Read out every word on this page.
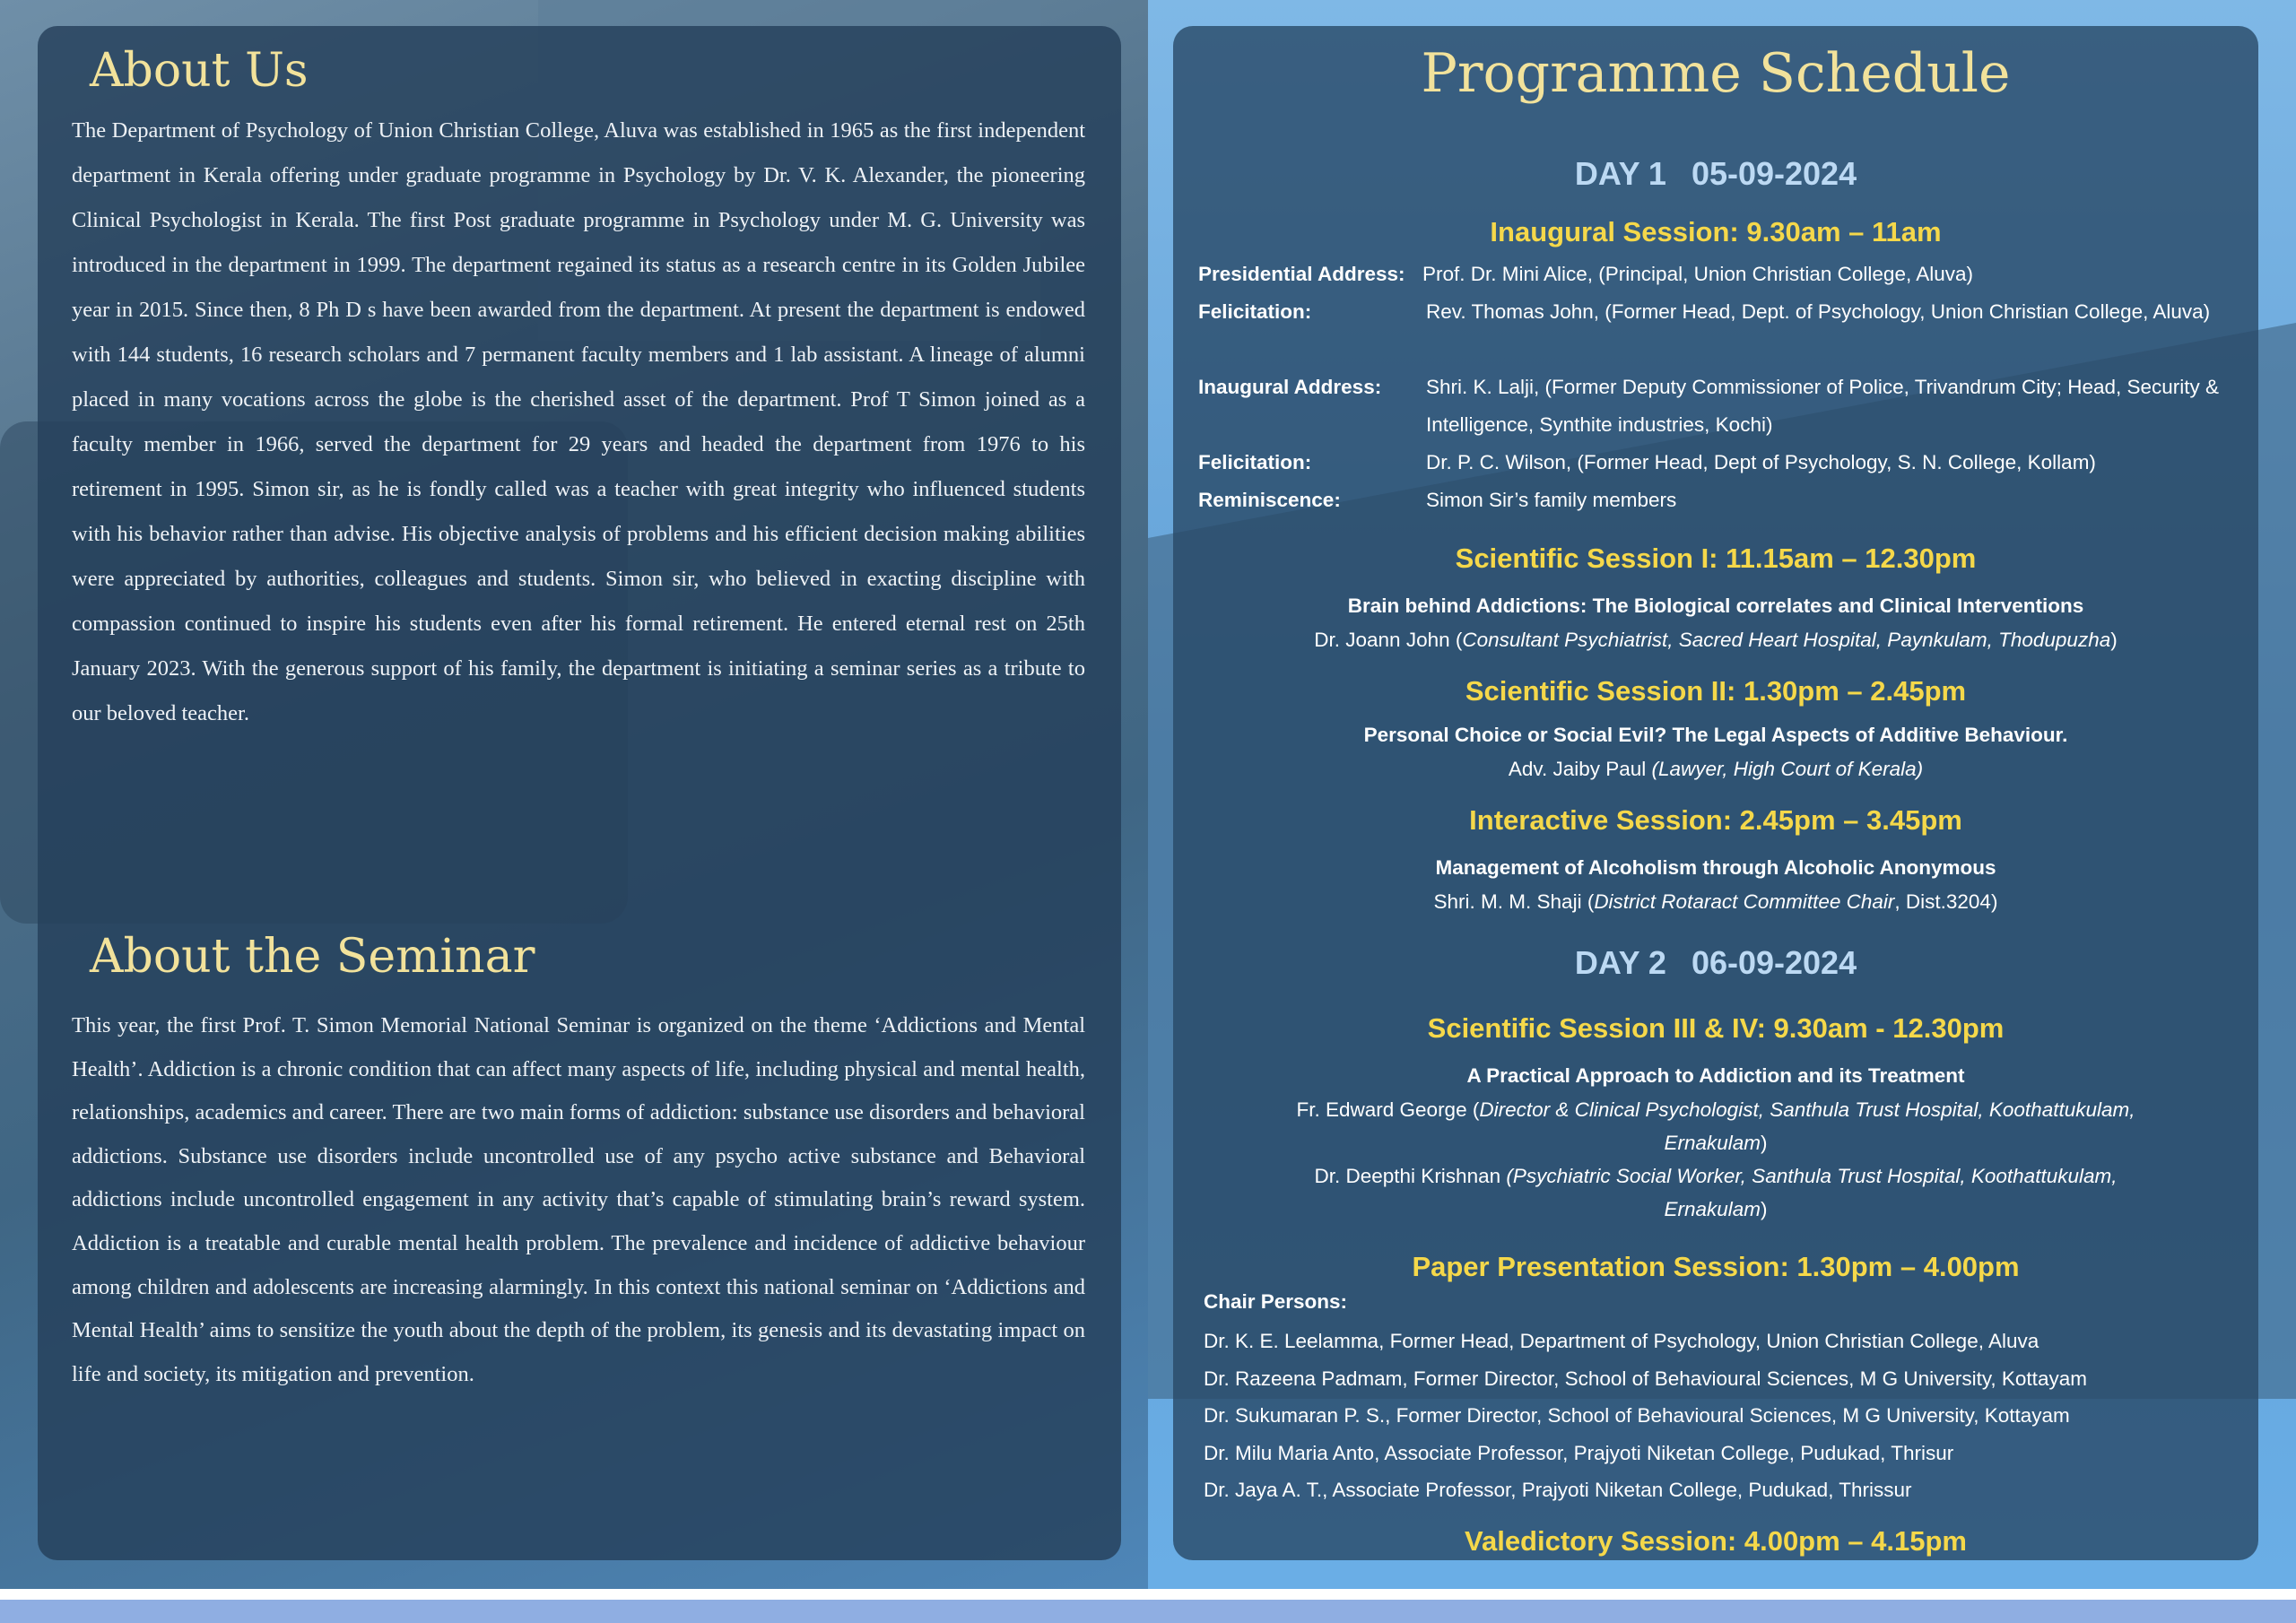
About Us

The Department of Psychology of Union Christian College, Aluva was established in 1965 as the first independent department in Kerala offering under graduate programme in Psychology by Dr. V. K. Alexander, the pioneering Clinical Psychologist in Kerala. The first Post graduate programme in Psychology under M. G. University was introduced in the department in 1999. The department regained its status as a research centre in its Golden Jubilee year in 2015. Since then, 8 Ph D s have been awarded from the department. At present the department is endowed with 144 students, 16 research scholars and 7 permanent faculty members and 1 lab assistant. A lineage of alumni placed in many vocations across the globe is the cherished asset of the department. Prof T Simon joined as a faculty member in 1966, served the department for 29 years and headed the department from 1976 to his retirement in 1995. Simon sir, as he is fondly called was a teacher with great integrity who influenced students with his behavior rather than advise. His objective analysis of problems and his efficient decision making abilities were appreciated by authorities, colleagues and students. Simon sir, who believed in exacting discipline with compassion continued to inspire his students even after his formal retirement. He entered eternal rest on 25th January 2023. With the generous support of his family, the department is initiating a seminar series as a tribute to our beloved teacher.

About the Seminar

This year, the first Prof. T. Simon Memorial National Seminar is organized on the theme ‘Addictions and Mental Health’. Addiction is a chronic condition that can affect many aspects of life, including physical and mental health, relationships, academics and career. There are two main forms of addiction: substance use disorders and behavioral addictions. Substance use disorders include uncontrolled use of any psycho active substance and Behavioral addictions include uncontrolled engagement in any activity that’s capable of stimulating brain’s reward system. Addiction is a treatable and curable mental health problem. The prevalence and incidence of addictive behaviour among children and adolescents are increasing alarmingly. In this context this national seminar on ‘Addictions and Mental Health’ aims to sensitize the youth about the depth of the problem, its genesis and its devastating impact on life and society, its mitigation and prevention.

Programme Schedule
DAY 1 05-09-2024
Inaugural Session: 9.30am – 11am
Presidential Address: Prof. Dr. Mini Alice, (Principal, Union Christian College, Aluva)
Felicitation:	Rev. Thomas John, (Former Head, Dept. of Psychology, Union Christian College, Aluva)
Inaugural Address: Shri. K. Lalji, (Former Deputy Commissioner of Police, Trivandrum City; Head, Security & Intelligence, Synthite industries, Kochi)
Felicitation:	Dr. P. C. Wilson, (Former Head, Dept of Psychology, S. N. College, Kollam)
Reminiscence:	Simon Sir’s family members
Scientific Session I: 11.15am – 12.30pm
Brain behind Addictions: The Biological correlates and Clinical Interventions
Dr. Joann John (Consultant Psychiatrist, Sacred Heart Hospital, Paynkulam, Thodupuzha)
Scientific Session II: 1.30pm – 2.45pm
Personal Choice or Social Evil? The Legal Aspects of Additive Behaviour.
Adv. Jaiby Paul (Lawyer, High Court of Kerala)
Interactive Session: 2.45pm – 3.45pm
Management of Alcoholism through Alcoholic Anonymous
Shri. M. M. Shaji (District Rotaract Committee Chair, Dist.3204)
DAY 2 06-09-2024
Scientific Session III & IV: 9.30am - 12.30pm
A Practical Approach to Addiction and its Treatment
Fr. Edward George (Director & Clinical Psychologist, Santhula Trust Hospital, Koothattukulam, Ernakulam)
Dr. Deepthi Krishnan (Psychiatric Social Worker, Santhula Trust Hospital, Koothattukulam, Ernakulam)
Paper Presentation Session: 1.30pm – 4.00pm
Chair Persons:
Dr. K. E. Leelamma, Former Head, Department of Psychology, Union Christian College, Aluva
Dr. Razeena Padmam, Former Director, School of Behavioural Sciences, M G University, Kottayam
Dr. Sukumaran P. S., Former Director, School of Behavioural Sciences, M G University, Kottayam
Dr. Milu Maria Anto, Associate Professor, Prajyoti Niketan College, Pudukad, Thrisur
Dr. Jaya A. T., Associate Professor, Prajyoti Niketan College, Pudukad, Thrissur
Valedictory Session: 4.00pm – 4.15pm
